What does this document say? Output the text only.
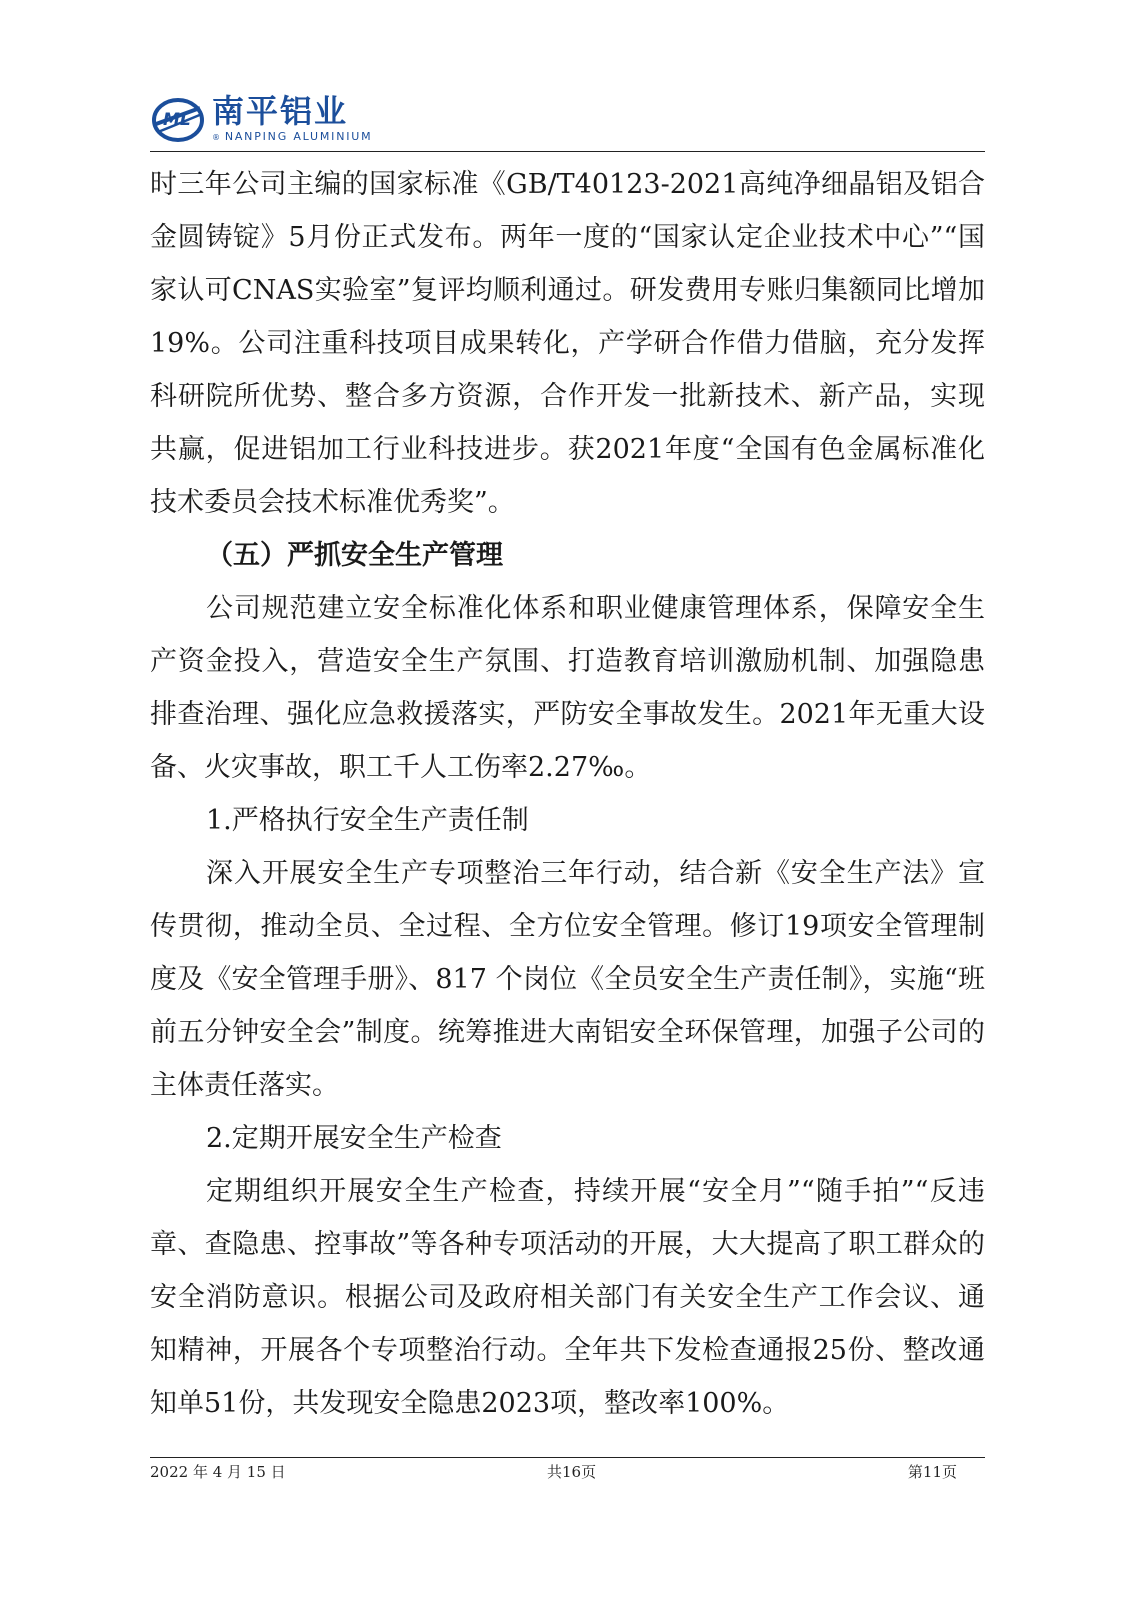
ML 南平铝业
® NANPING ALUMINIUM

时三年公司主编的国家标准《GB/T40123-2021高纯净细晶铝及铝合金圆铸锭》5月份正式发布。两年一度的“国家认定企业技术中心”“国家认可CNAS实验室”复评均顺利通过。研发费用专账归集额同比增加 19%。公司注重科技项目成果转化，产学研合作借力借脑，充分发挥科研院所优势、整合多方资源，合作开发一批新技术、新产品，实现共赢，促进铝加工行业科技进步。获2021年度“全国有色金属标准化技术委员会技术标准优秀奖”。

（五）严抓安全生产管理

公司规范建立安全标准化体系和职业健康管理体系，保障安全生产资金投入，营造安全生产氛围、打造教育培训激励机制、加强隐患排查治理、强化应急救援落实，严防安全事故发生。2021年无重大设备、火灾事故，职工千人工伤率2.27‰。

1.严格执行安全生产责任制

深入开展安全生产专项整治三年行动，结合新《安全生产法》宣传贯彻，推动全员、全过程、全方位安全管理。修订19项安全管理制度及《安全管理手册》、817 个岗位《全员安全生产责任制》，实施“班前五分钟安全会”制度。统筹推进大南铝安全环保管理，加强子公司的主体责任落实。

2.定期开展安全生产检查

定期组织开展安全生产检查，持续开展“安全月”“随手拍”“反违章、查隐患、控事故”等各种专项活动的开展，大大提高了职工群众的安全消防意识。根据公司及政府相关部门有关安全生产工作会议、通知精神，开展各个专项整治行动。全年共下发检查通报25份、整改通知单51份，共发现安全隐患2023项，整改率100%。

2022 年 4 月 15 日	共16页	第11页
